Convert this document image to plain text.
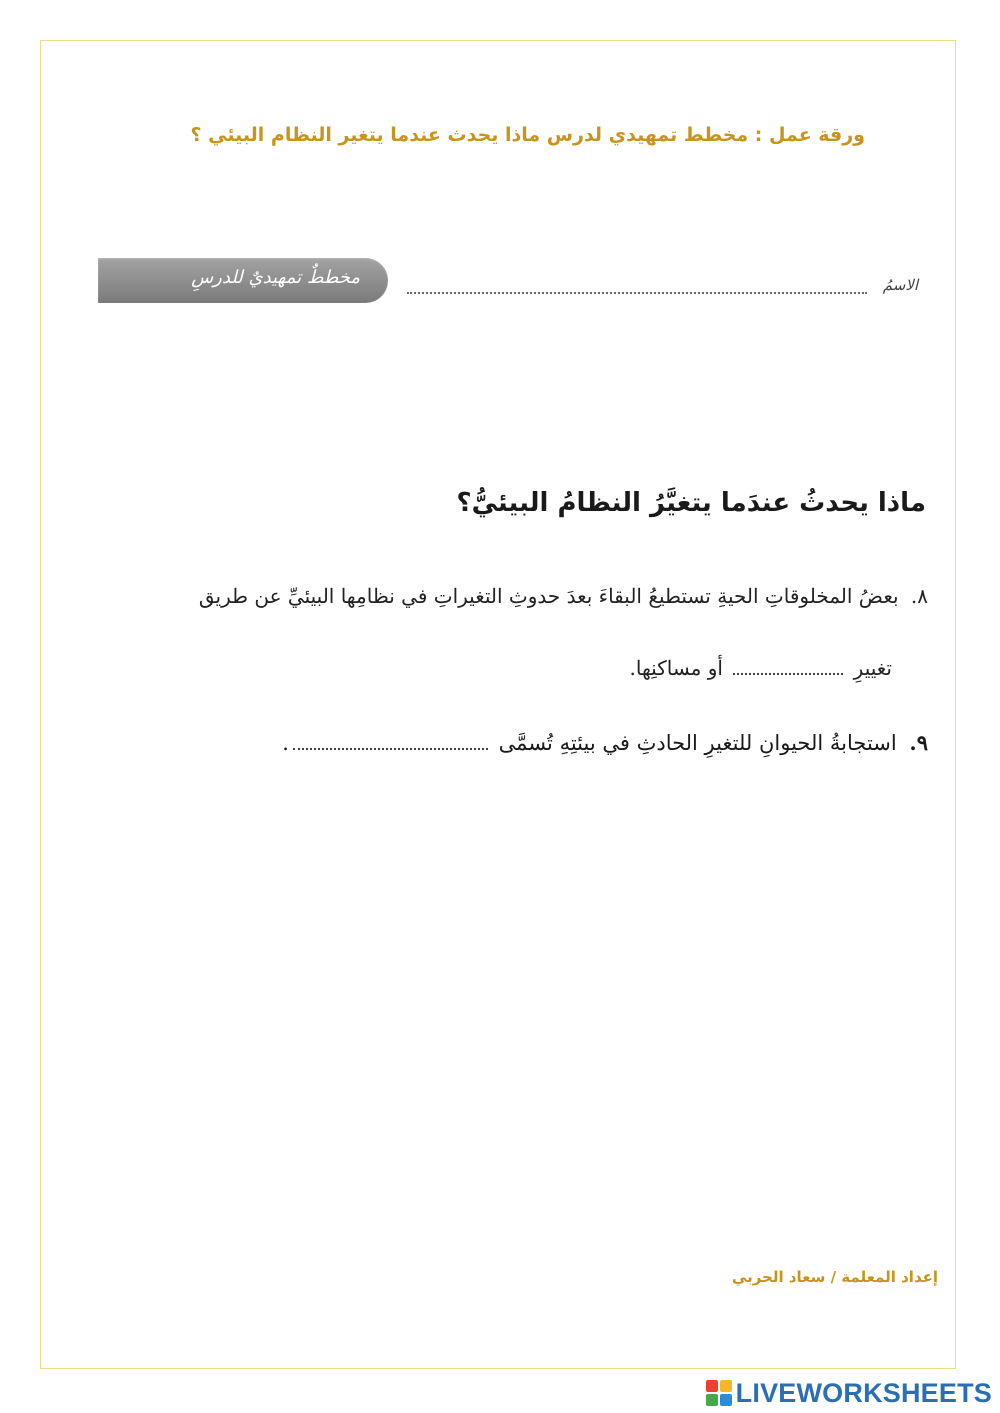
ورقة عمل : مخطط تمهيدي لدرس ماذا يحدث عندما يتغير النظام البيئي ؟
مخططٌ تمهيديٌ للدرسِ	الاسمُ
ماذا يحدثُ عندَما يتغيَّرُ النظامُ البيئيُّ؟
٨. بعضُ المخلوقاتِ الحيةِ تستطيعُ البقاءَ بعدَ حدوثِ التغيراتِ في نظامِها البيئيِّ عن طريقِ
تغييرِ  أو مساكنِها.
٩. استجابةُ الحيوانِ للتغيرِ الحادثِ في بيئتِهِ تُسمَّى .
إعداد المعلمة / سعاد الحربي
LIVEWORKSHEETS
